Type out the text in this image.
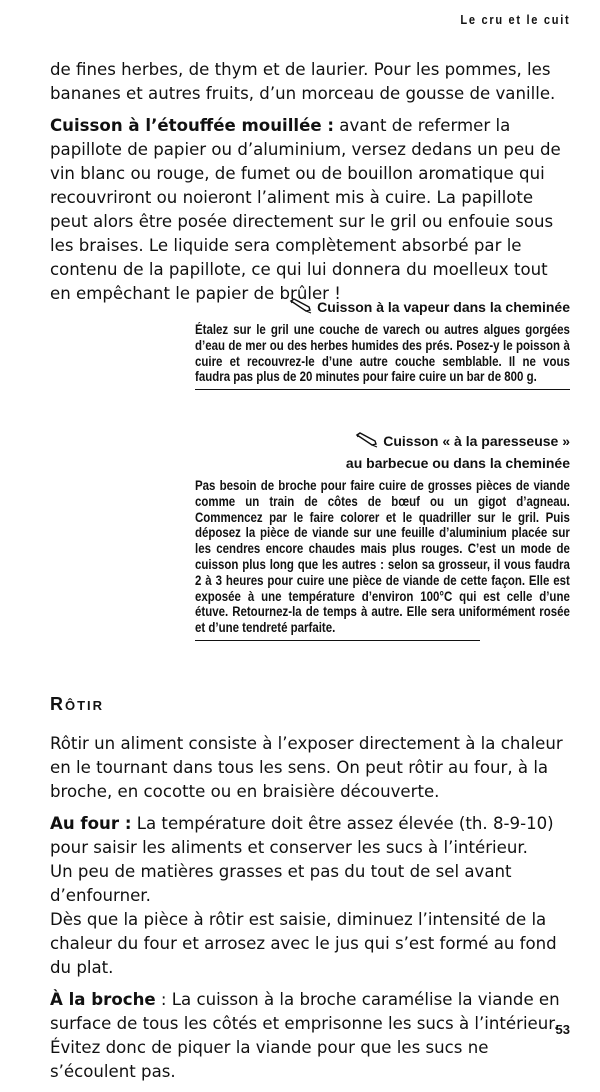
Le cru et le cuit

de fines herbes, de thym et de laurier. Pour les pommes, les bananes et autres fruits, d’un morceau de gousse de vanille.

Cuisson à l’étouffée mouillée : avant de refermer la papillote de papier ou d’aluminium, versez dedans un peu de vin blanc ou rouge, de fumet ou de bouillon aromatique qui recouvriront ou noieront l’aliment mis à cuire. La papillote peut alors être posée directement sur le gril ou enfouie sous les braises. Le liquide sera complètement absorbé par le contenu de la papillote, ce qui lui donnera du moelleux tout en empêchant le papier de brûler !

Cuisson à la vapeur dans la cheminée
Étalez sur le gril une couche de varech ou autres algues gorgées d’eau de mer ou des herbes humides des prés. Posez-y le poisson à cuire et recouvrez-le d’une autre couche semblable. Il ne vous faudra pas plus de 20 minutes pour faire cuire un bar de 800 g.
Cuisson « à la paresseuse »
au barbecue ou dans la cheminée
Pas besoin de broche pour faire cuire de grosses pièces de viande comme un train de côtes de bœuf ou un gigot d’agneau. Commencez par le faire colorer et le quadriller sur le gril. Puis déposez la pièce de viande sur une feuille d’aluminium placée sur les cendres encore chaudes mais plus rouges. C’est un mode de cuisson plus long que les autres : selon sa grosseur, il vous faudra 2 à 3 heures pour cuire une pièce de viande de cette façon. Elle est exposée à une température d’environ 100°C qui est celle d’une étuve. Retournez-la de temps à autre. Elle sera uniformément rosée et d’une tendreté parfaite.
RÔTIR

Rôtir un aliment consiste à l’exposer directement à la chaleur en le tournant dans tous les sens. On peut rôtir au four, à la broche, en cocotte ou en braisière découverte.

Au four : La température doit être assez élevée (th. 8-9-10) pour saisir les aliments et conserver les sucs à l’intérieur.
Un peu de matières grasses et pas du tout de sel avant d’enfourner.
Dès que la pièce à rôtir est saisie, diminuez l’intensité de la chaleur du four et arrosez avec le jus qui s’est formé au fond du plat.

À la broche : La cuisson à la broche caramélise la viande en surface de tous les côtés et emprisonne les sucs à l’intérieur. Évitez donc de piquer la viande pour que les sucs ne s’écoulent pas.

53
